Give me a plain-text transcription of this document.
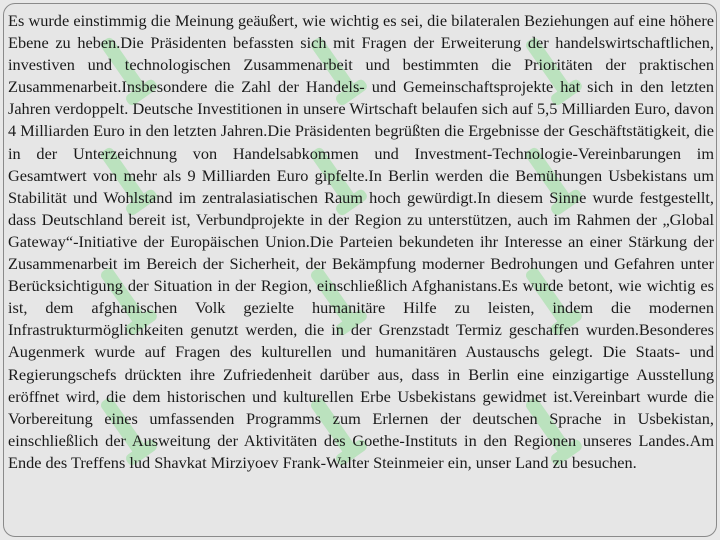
Es wurde einstimmig die Meinung geäußert, wie wichtig es sei, die bilateralen Beziehungen auf eine höhere Ebene zu heben.Die Präsidenten befassten sich mit Fragen der Erweiterung der handelswirtschaftlichen, investiven und technologischen Zusammenarbeit und bestimmten die Prioritäten der praktischen Zusammenarbeit.Insbesondere die Zahl der Handels- und Gemeinschaftsprojekte hat sich in den letzten Jahren verdoppelt. Deutsche Investitionen in unsere Wirtschaft belaufen sich auf 5,5 Milliarden Euro, davon 4 Milliarden Euro in den letzten Jahren.Die Präsidenten begrüßten die Ergebnisse der Geschäftstätigkeit, die in der Unterzeichnung von Handelsabkommen und Investment-Technologie-Vereinbarungen im Gesamtwert von mehr als 9 Milliarden Euro gipfelte.In Berlin werden die Bemühungen Usbekistans um Stabilität und Wohlstand im zentralasiatischen Raum hoch gewürdigt.In diesem Sinne wurde festgestellt, dass Deutschland bereit ist, Verbundprojekte in der Region zu unterstützen, auch im Rahmen der „Global Gateway“-Initiative der Europäischen Union.Die Parteien bekundeten ihr Interesse an einer Stärkung der Zusammenarbeit im Bereich der Sicherheit, der Bekämpfung moderner Bedrohungen und Gefahren unter Berücksichtigung der Situation in der Region, einschließlich Afghanistans.Es wurde betont, wie wichtig es ist, dem afghanischen Volk gezielte humanitäre Hilfe zu leisten, indem die modernen Infrastrukturmöglichkeiten genutzt werden, die in der Grenzstadt Termiz geschaffen wurden.Besonderes Augenmerk wurde auf Fragen des kulturellen und humanitären Austauschs gelegt. Die Staats- und Regierungschefs drückten ihre Zufriedenheit darüber aus, dass in Berlin eine einzigartige Ausstellung eröffnet wird, die dem historischen und kulturellen Erbe Usbekistans gewidmet ist.Vereinbart wurde die Vorbereitung eines umfassenden Programms zum Erlernen der deutschen Sprache in Usbekistan, einschließlich der Ausweitung der Aktivitäten des Goethe-Instituts in den Regionen unseres Landes.Am Ende des Treffens lud Shavkat Mirziyoev Frank-Walter Steinmeier ein, unser Land zu besuchen.
